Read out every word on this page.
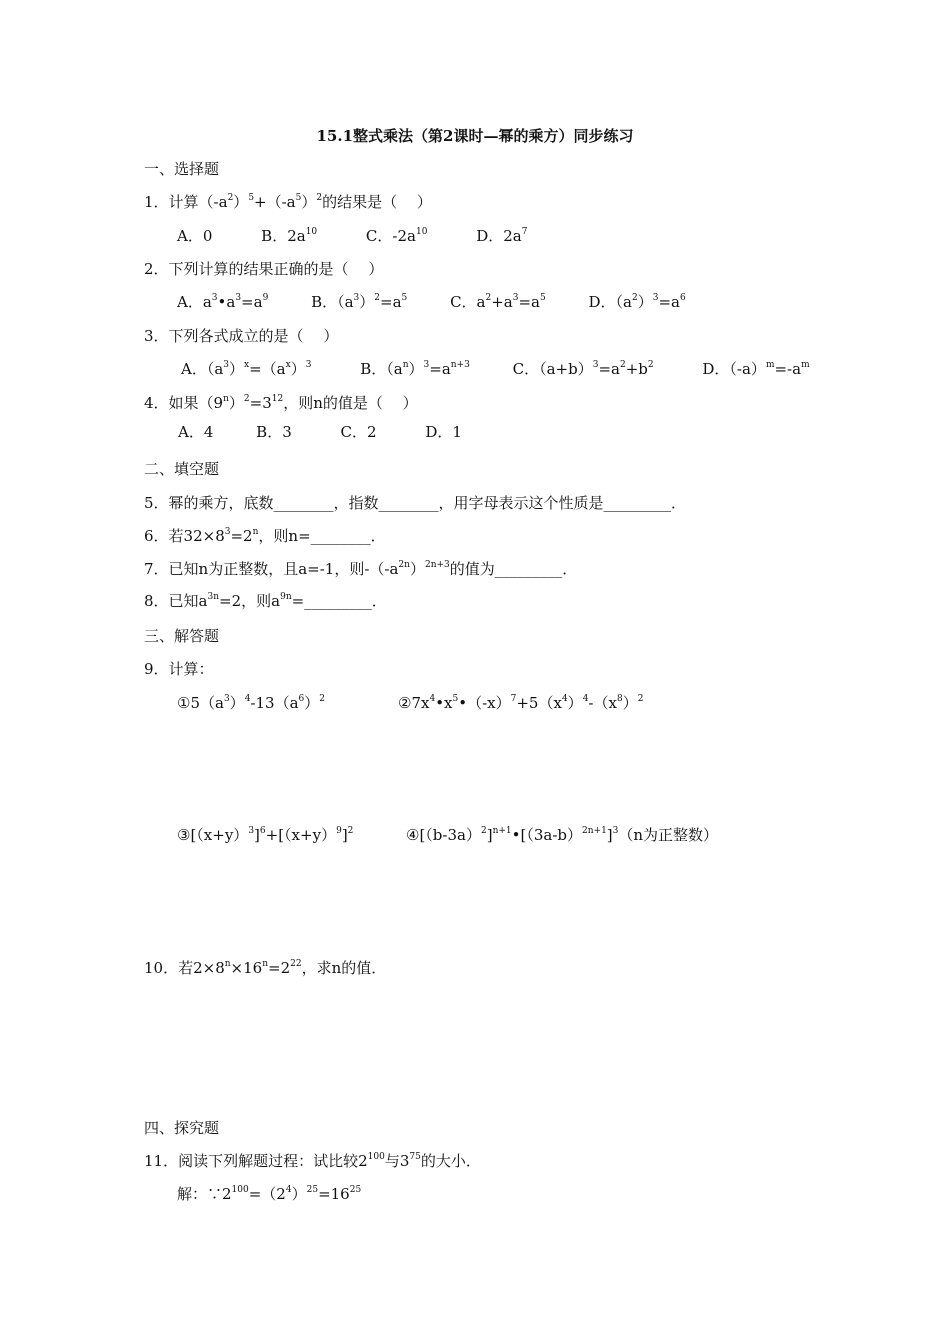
15.1整式乘法（第2课时—幂的乘方）同步练习
一、选择题
1．计算$(-a^2)^5+(-a^5)^2$的结果是（　 ）
A．0	B．$2a^{10}$	C．$-2a^{10}$	D．$2a^7$
2．下列计算的结果正确的是（　 ）
A．$a^3•a^3=a^9$	B．$(a^3)^2=a^5$	C．$a^2+a^3=a^5$	D．$(a^2)^3=a^6$
3．下列各式成立的是（　 ）
A．$(a^3)^x=(a^x)^3$	B．$(a^n)^3=a^{n+3}$	C．$(a+b)^3=a^2+b^2$	D．$(-a)^m=-a^m$
4．如果$(9^n)^2=3^{12}$，则n的值是（　 ）
A．4	B．3	C．2	D．1
二、填空题
5．幂的乘方，底数________，指数________，用字母表示这个性质是_________．
6．若$32\times 8^3=2^n$，则n=________．
7．已知n为正整数，且a=-1，则$-(-a^{2n})^{2n+3}$的值为_________．
8．已知$a^{3n}=2$，则$a^{9n}=\_\_\_\_\_\_\_\_\_$．
三、解答题
9．计算：
$①5(a^3)^4-13(a^6)^2$	$②7x^4•x^5•(-x)^7+5(x^4)^4-(x^8)^2$
$③[(x+y)^3]^6+[(x+y)^9]^2$	$④[(b-3a)^2]^{n+1}•[(3a-b)^{2n+1}]^3(n$为正整数）
10．若$2\times 8^n\times 16^n=2^{22}$，求n的值．
四、探究题
11．阅读下列解题过程：试比较$2^{100}$与$3^{75}$的大小．
解：$\because 2^{100}=(2^4)^{25}=16^{25}$
